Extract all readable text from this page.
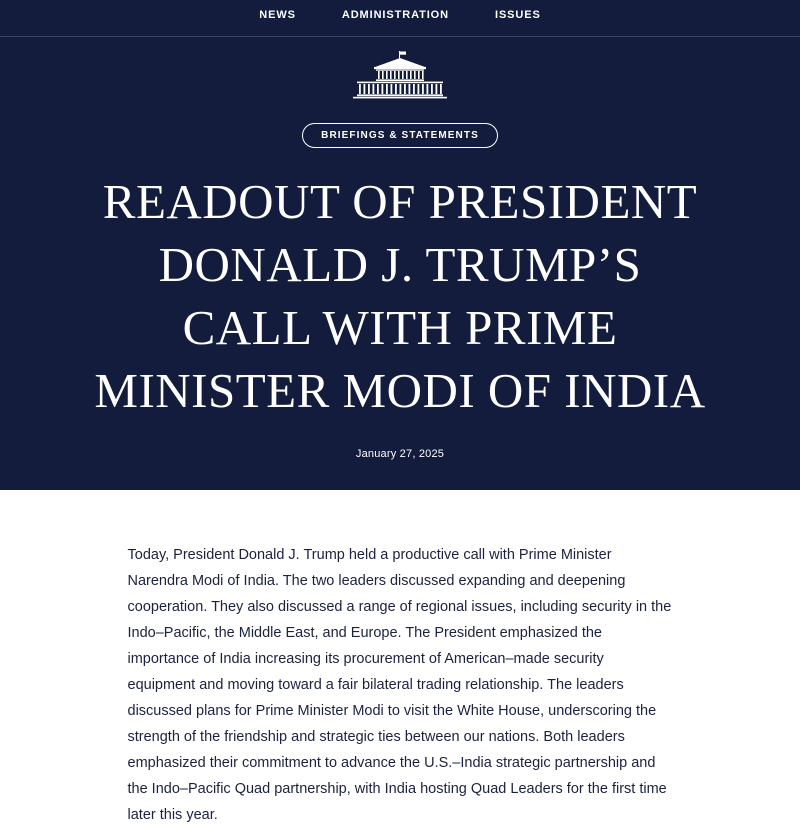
NEWS	ADMINISTRATION	ISSUES
BRIEFINGS & STATEMENTS
READOUT OF PRESIDENT DONALD J. TRUMP’S CALL WITH PRIME MINISTER MODI OF INDIA
January 27, 2025

Today, President Donald J. Trump held a productive call with Prime Minister Narendra Modi of India. The two leaders discussed expanding and deepening cooperation. They also discussed a range of regional issues, including security in the Indo–Pacific, the Middle East, and Europe. The President emphasized the importance of India increasing its procurement of American–made security equipment and moving toward a fair bilateral trading relationship. The leaders discussed plans for Prime Minister Modi to visit the White House, underscoring the strength of the friendship and strategic ties between our nations. Both leaders emphasized their commitment to advance the U.S.–India strategic partnership and the Indo–Pacific Quad partnership, with India hosting Quad Leaders for the first time later this year.
